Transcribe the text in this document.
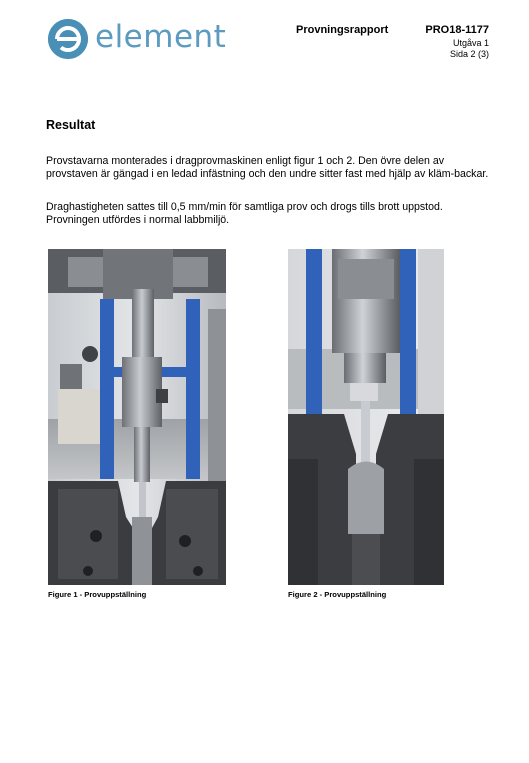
element	Provningsrapport	PRO18-1177
Utgåva 1
Sida 2 (3)
Resultat

Provstavarna monterades i dragprovmaskinen enligt figur 1 och 2. Den övre delen av provstaven är gängad i en ledad infästning och den undre sitter fast med hjälp av kläm-backar.

Draghastigheten sattes till 0,5 mm/min för samtliga prov och drogs tills brott uppstod. Provningen utfördes i normal labbmiljö.

Figure 1 - Provuppställning	Figure 2 - Provuppställning
